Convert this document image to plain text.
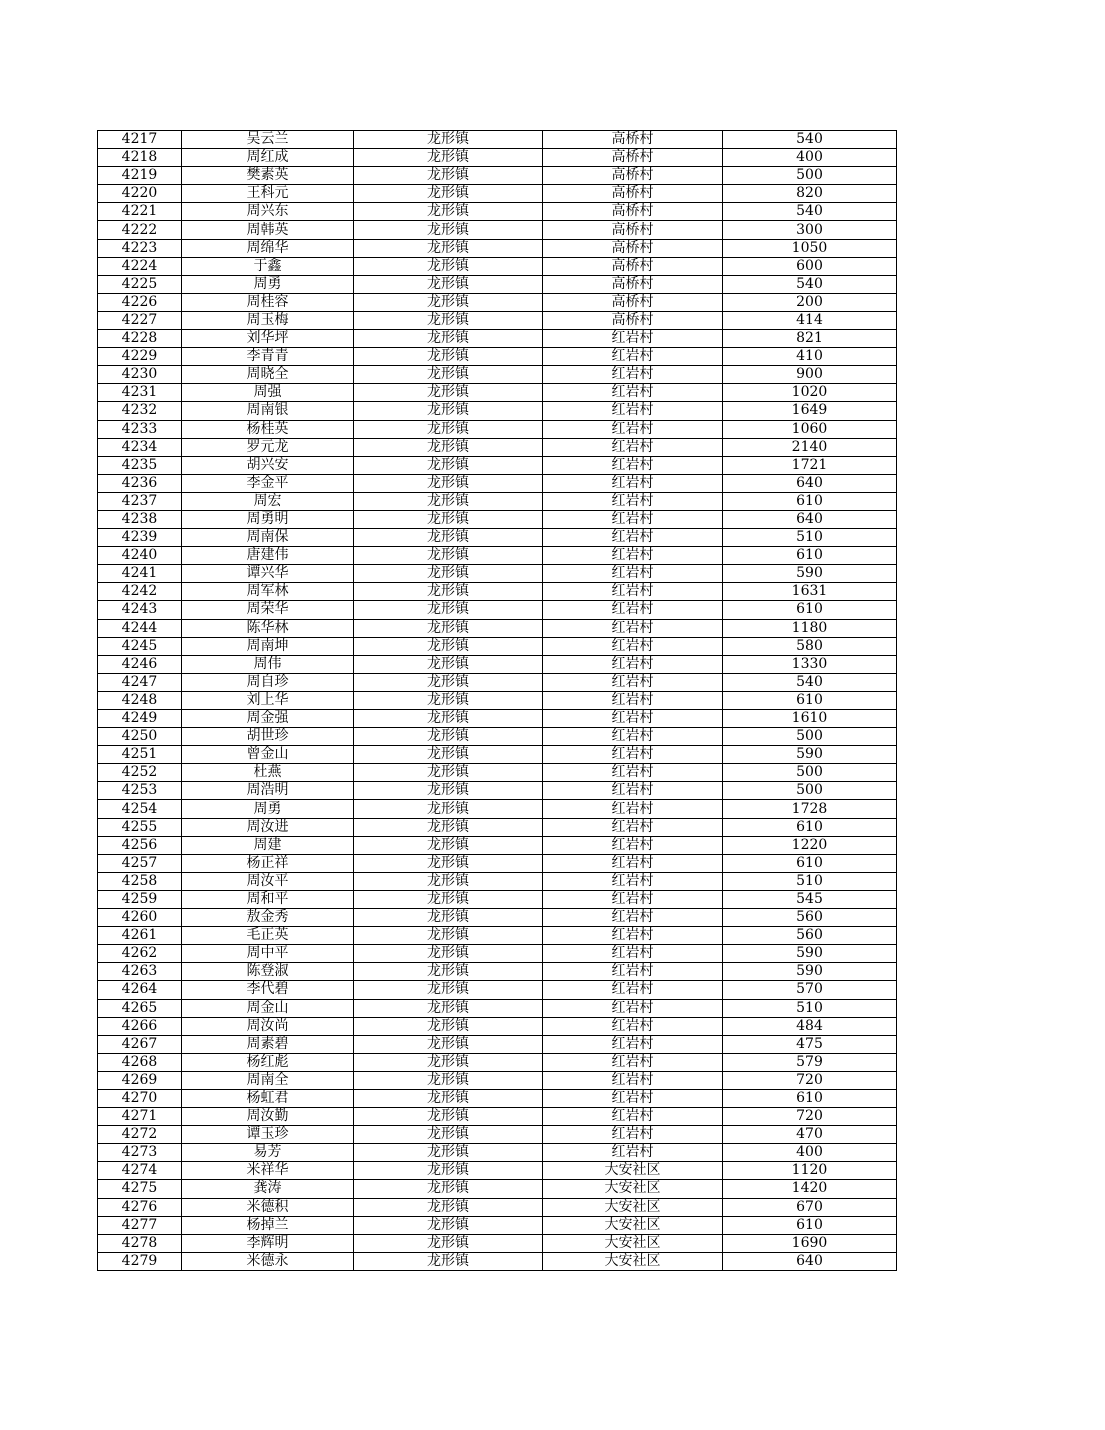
4217	吴云兰	龙形镇	高桥村	540
4218	周红成	龙形镇	高桥村	400
4219	樊素英	龙形镇	高桥村	500
4220	王科元	龙形镇	高桥村	820
4221	周兴东	龙形镇	高桥村	540
4222	周韩英	龙形镇	高桥村	300
4223	周绵华	龙形镇	高桥村	1050
4224	于鑫	龙形镇	高桥村	600
4225	周勇	龙形镇	高桥村	540
4226	周桂容	龙形镇	高桥村	200
4227	周玉梅	龙形镇	高桥村	414
4228	刘华坪	龙形镇	红岩村	821
4229	李青青	龙形镇	红岩村	410
4230	周晓全	龙形镇	红岩村	900
4231	周强	龙形镇	红岩村	1020
4232	周南银	龙形镇	红岩村	1649
4233	杨桂英	龙形镇	红岩村	1060
4234	罗元龙	龙形镇	红岩村	2140
4235	胡兴安	龙形镇	红岩村	1721
4236	李金平	龙形镇	红岩村	640
4237	周宏	龙形镇	红岩村	610
4238	周勇明	龙形镇	红岩村	640
4239	周南保	龙形镇	红岩村	510
4240	唐建伟	龙形镇	红岩村	610
4241	谭兴华	龙形镇	红岩村	590
4242	周军林	龙形镇	红岩村	1631
4243	周荣华	龙形镇	红岩村	610
4244	陈华林	龙形镇	红岩村	1180
4245	周南坤	龙形镇	红岩村	580
4246	周伟	龙形镇	红岩村	1330
4247	周自珍	龙形镇	红岩村	540
4248	刘上华	龙形镇	红岩村	610
4249	周金强	龙形镇	红岩村	1610
4250	胡世珍	龙形镇	红岩村	500
4251	曾金山	龙形镇	红岩村	590
4252	杜燕	龙形镇	红岩村	500
4253	周浩明	龙形镇	红岩村	500
4254	周勇	龙形镇	红岩村	1728
4255	周汝进	龙形镇	红岩村	610
4256	周建	龙形镇	红岩村	1220
4257	杨正祥	龙形镇	红岩村	610
4258	周汝平	龙形镇	红岩村	510
4259	周和平	龙形镇	红岩村	545
4260	敖金秀	龙形镇	红岩村	560
4261	毛正英	龙形镇	红岩村	560
4262	周中平	龙形镇	红岩村	590
4263	陈登淑	龙形镇	红岩村	590
4264	李代碧	龙形镇	红岩村	570
4265	周金山	龙形镇	红岩村	510
4266	周汝尚	龙形镇	红岩村	484
4267	周素碧	龙形镇	红岩村	475
4268	杨红彪	龙形镇	红岩村	579
4269	周南全	龙形镇	红岩村	720
4270	杨虹君	龙形镇	红岩村	610
4271	周汝勤	龙形镇	红岩村	720
4272	谭玉珍	龙形镇	红岩村	470
4273	易芳	龙形镇	红岩村	400
4274	米祥华	龙形镇	大安社区	1120
4275	龚涛	龙形镇	大安社区	1420
4276	米德积	龙形镇	大安社区	670
4277	杨掉兰	龙形镇	大安社区	610
4278	李辉明	龙形镇	大安社区	1690
4279	米德永	龙形镇	大安社区	640
